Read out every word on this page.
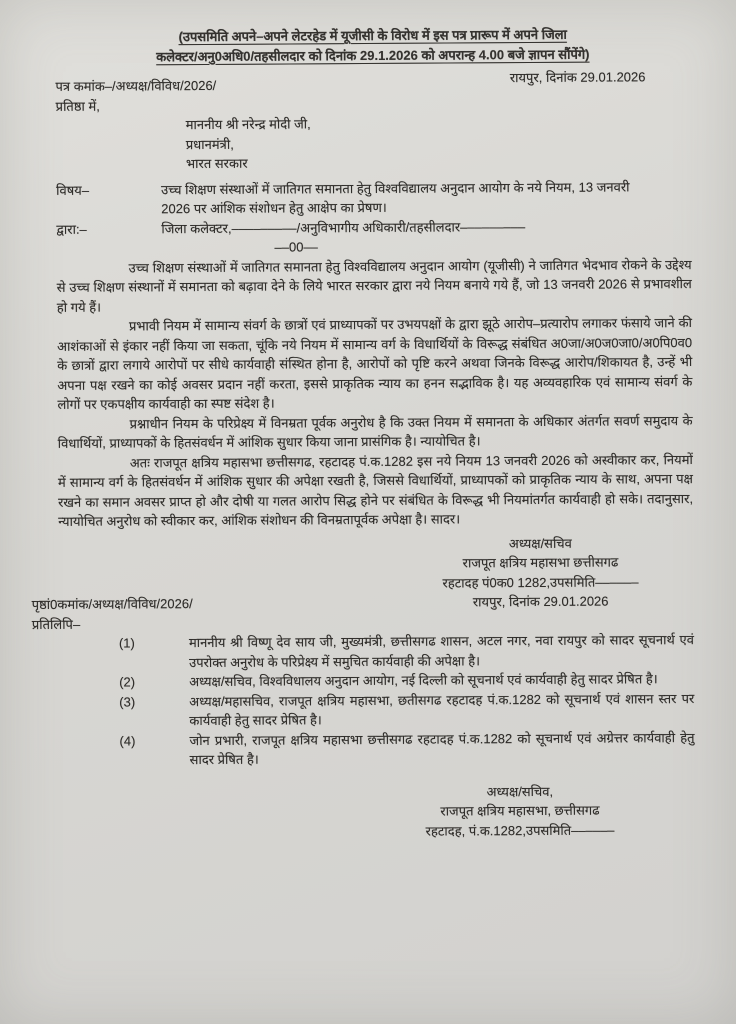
(उपसमिति अपने–अपने लेटरहेड में यूजीसी के विरोध में इस पत्र प्रारूप में अपने जिला
कलेक्टर/अनु0अधि0/तहसीलदार को दिनांक 29.1.2026 को अपरान्ह 4.00 बजे ज्ञापन सौंपेंगे)
पत्र कमांक–/अध्यक्ष/विविध/2026/
रायपुर, दिनांक 29.01.2026
प्रतिष्ठा में,
माननीय श्री नरेन्द्र मोदी जी,
प्रधानमंत्री,
भारत सरकार
विषय–	उच्च शिक्षण संस्थाओं में जातिगत समानता हेतु विश्वविद्यालय अनुदान आयोग के नये नियम, 13 जनवरी 2026 पर आंशिक संशोधन हेतु आक्षेप का प्रेषण।
द्वारा:–	जिला कलेक्टर,–––––––––/अनुविभागीय अधिकारी/तहसीलदार–––––––––
––00––

उच्च शिक्षण संस्थाओं में जातिगत समानता हेतु विश्वविद्यालय अनुदान आयोग (यूजीसी) ने जातिगत भेदभाव रोकने के उद्देश्य से उच्च शिक्षण संस्थानों में समानता को बढ़ावा देने के लिये भारत सरकार द्वारा नये नियम बनाये गये हैं, जो 13 जनवरी 2026 से प्रभावशील हो गये हैं।

प्रभावी नियम में सामान्य संवर्ग के छात्रों एवं प्राध्यापकों पर उभयपक्षों के द्वारा झूठे आरोप–प्रत्यारोप लगाकर फंसाये जाने की आशंकाओं से इंकार नहीं किया जा सकता, चूंकि नये नियम में सामान्य वर्ग के विधार्थियों के विरूद्ध संबंधित अ0जा/अ0ज0जा0/अ0पि0व0 के छात्रों द्वारा लगाये आरोपों पर सीधे कार्यवाही संस्थित होना है, आरोपों को पृष्टि करने अथवा जिनके विरूद्ध आरोप/शिकायत है, उन्हें भी अपना पक्ष रखने का कोई अवसर प्रदान नहीं करता, इससे प्राकृतिक न्याय का हनन सद्भाविक है। यह अव्यवहारिक एवं सामान्य संवर्ग के लोगों पर एकपक्षीय कार्यवाही का स्पष्ट संदेश है।

प्रश्नाधीन नियम के परिप्रेक्ष्य में विनम्रता पूर्वक अनुरोध है कि उक्त नियम में समानता के अधिकार अंतर्गत सवर्ण समुदाय के विधार्थियों, प्राध्यापकों के हितसंवर्धन में आंशिक सुधार किया जाना प्रासंगिक है। न्यायोचित है।

अतः राजपूत क्षत्रिय महासभा छत्तीसगढ, रहटादह पं.क.1282 इस नये नियम 13 जनवरी 2026 को अस्वीकार कर, नियमों में सामान्य वर्ग के हितसंवर्धन में आंशिक सुधार की अपेक्षा रखती है, जिससे विधार्थियों, प्राध्यापकों को प्राकृतिक न्याय के साथ, अपना पक्ष रखने का समान अवसर प्राप्त हो और दोषी या गलत आरोप सिद्ध होने पर संबंधित के विरूद्ध भी नियमांतर्गत कार्यवाही हो सके। तदानुसार, न्यायोचित अनुरोध को स्वीकार कर, आंशिक संशोधन की विनम्रतापूर्वक अपेक्षा है। सादर।

अध्यक्ष/सचिव
राजपूत क्षत्रिय महासभा छत्तीसगढ
रहटादह पं0क0 1282,उपसमिति––––––
रायपुर, दिनांक 29.01.2026
पृष्ठां0कमांक/अध्यक्ष/विविध/2026/
प्रतिलिपि–
(1)	माननीय श्री विष्णू देव साय जी, मुख्यमंत्री, छत्तीसगढ शासन, अटल नगर, नवा रायपुर को सादर सूचनार्थ एवं उपरोक्त अनुरोध के परिप्रेक्ष्य में समुचित कार्यवाही की अपेक्षा है।
(2)	अध्यक्ष/सचिव, विश्वविधालय अनुदान आयोग, नई दिल्ली को सूचनार्थ एवं कार्यवाही हेतु सादर प्रेषित है।
(3)	अध्यक्ष/महासचिव, राजपूत क्षत्रिय महासभा, छतीसगढ रहटादह पं.क.1282 को सूचनार्थ एवं शासन स्तर पर कार्यवाही हेतु सादर प्रेषित है।
(4)	जोन प्रभारी, राजपूत क्षत्रिय महासभा छत्तीसगढ रहटादह पं.क.1282 को सूचनार्थ एवं अग्रेत्तर कार्यवाही हेतु सादर प्रेषित है।
अध्यक्ष/सचिव,
राजपूत क्षत्रिय महासभा, छत्तीसगढ
रहटादह, पं.क.1282,उपसमिति––––––
